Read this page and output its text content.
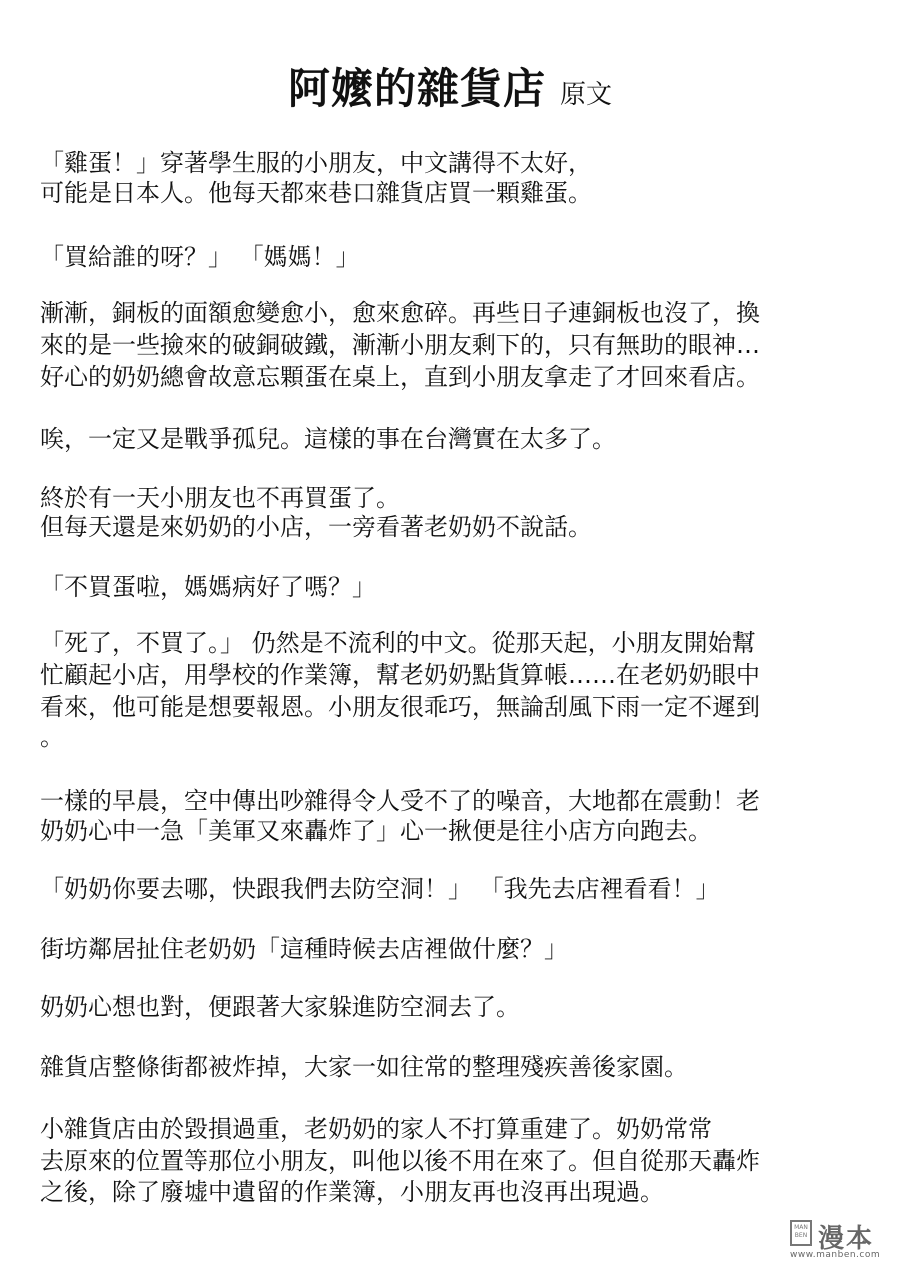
阿嬤的雜貨店 原文
「雞蛋！」穿著學生服的小朋友，中文講得不太好，
可能是日本人。他每天都來巷口雜貨店買一顆雞蛋。
「買給誰的呀？」 「媽媽！」
漸漸，銅板的面額愈變愈小，愈來愈碎。再些日子連銅板也沒了，換
來的是一些撿來的破銅破鐵，漸漸小朋友剩下的，只有無助的眼神…
好心的奶奶總會故意忘顆蛋在桌上，直到小朋友拿走了才回來看店。
唉，一定又是戰爭孤兒。這樣的事在台灣實在太多了。
終於有一天小朋友也不再買蛋了。
但每天還是來奶奶的小店，一旁看著老奶奶不說話。
「不買蛋啦，媽媽病好了嗎？」
「死了，不買了。」 仍然是不流利的中文。從那天起，小朋友開始幫
忙顧起小店，用學校的作業簿，幫老奶奶點貨算帳……在老奶奶眼中
看來，他可能是想要報恩。小朋友很乖巧，無論刮風下雨一定不遲到
。
一樣的早晨，空中傳出吵雜得令人受不了的噪音，大地都在震動！老
奶奶心中一急「美軍又來轟炸了」心一揪便是往小店方向跑去。
「奶奶你要去哪，快跟我們去防空洞！」 「我先去店裡看看！」
街坊鄰居扯住老奶奶「這種時候去店裡做什麼？」
奶奶心想也對，便跟著大家躲進防空洞去了。
雜貨店整條街都被炸掉，大家一如往常的整理殘疾善後家園。
小雜貨店由於毀損過重，老奶奶的家人不打算重建了。奶奶常常
去原來的位置等那位小朋友，叫他以後不用在來了。但自從那天轟炸
之後，除了廢墟中遺留的作業簿，小朋友再也沒再出現過。
MAN BEN 漫本
www.manben.com
